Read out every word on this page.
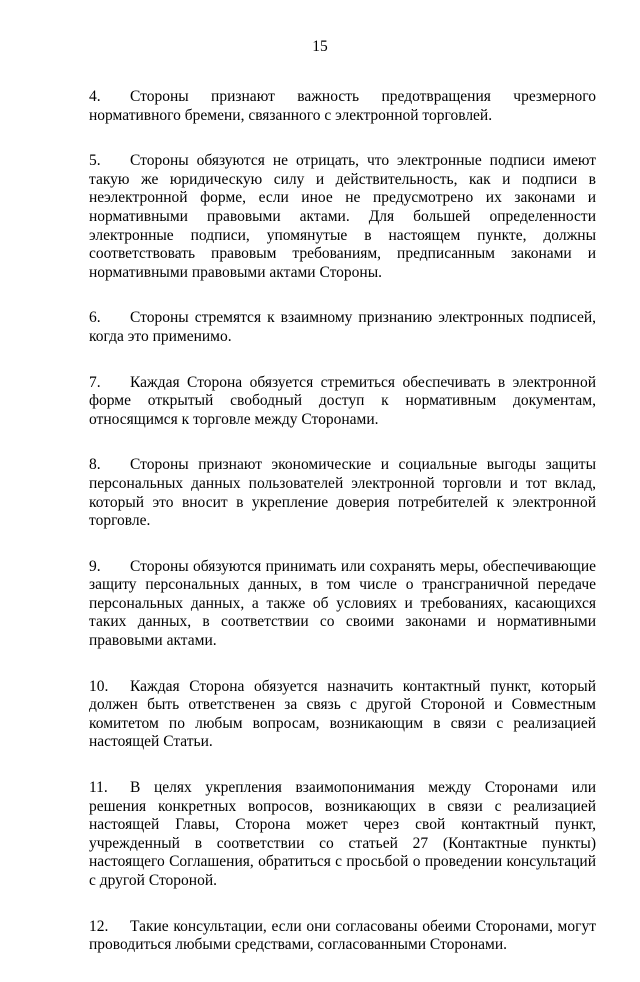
15

4. Стороны признают важность предотвращения чрезмерного нормативного бремени, связанного с электронной торговлей.

5. Стороны обязуются не отрицать, что электронные подписи имеют такую же юридическую силу и действительность, как и подписи в неэлектронной форме, если иное не предусмотрено их законами и нормативными правовыми актами. Для большей определенности электронные подписи, упомянутые в настоящем пункте, должны соответствовать правовым требованиям, предписанным законами и нормативными правовыми актами Стороны.

6. Стороны стремятся к взаимному признанию электронных подписей, когда это применимо.

7. Каждая Сторона обязуется стремиться обеспечивать в электронной форме открытый свободный доступ к нормативным документам, относящимся к торговле между Сторонами.

8. Стороны признают экономические и социальные выгоды защиты персональных данных пользователей электронной торговли и тот вклад, который это вносит в укрепление доверия потребителей к электронной торговле.

9. Стороны обязуются принимать или сохранять меры, обеспечивающие защиту персональных данных, в том числе о трансграничной передаче персональных данных, а также об условиях и требованиях, касающихся таких данных, в соответствии со своими законами и нормативными правовыми актами.

10. Каждая Сторона обязуется назначить контактный пункт, который должен быть ответственен за связь с другой Стороной и Совместным комитетом по любым вопросам, возникающим в связи с реализацией настоящей Статьи.

11. В целях укрепления взаимопонимания между Сторонами или решения конкретных вопросов, возникающих в связи с реализацией настоящей Главы, Сторона может через свой контактный пункт, учрежденный в соответствии со статьей 27 (Контактные пункты) настоящего Соглашения, обратиться с просьбой о проведении консультаций с другой Стороной.

12. Такие консультации, если они согласованы обеими Сторонами, могут проводиться любыми средствами, согласованными Сторонами.
